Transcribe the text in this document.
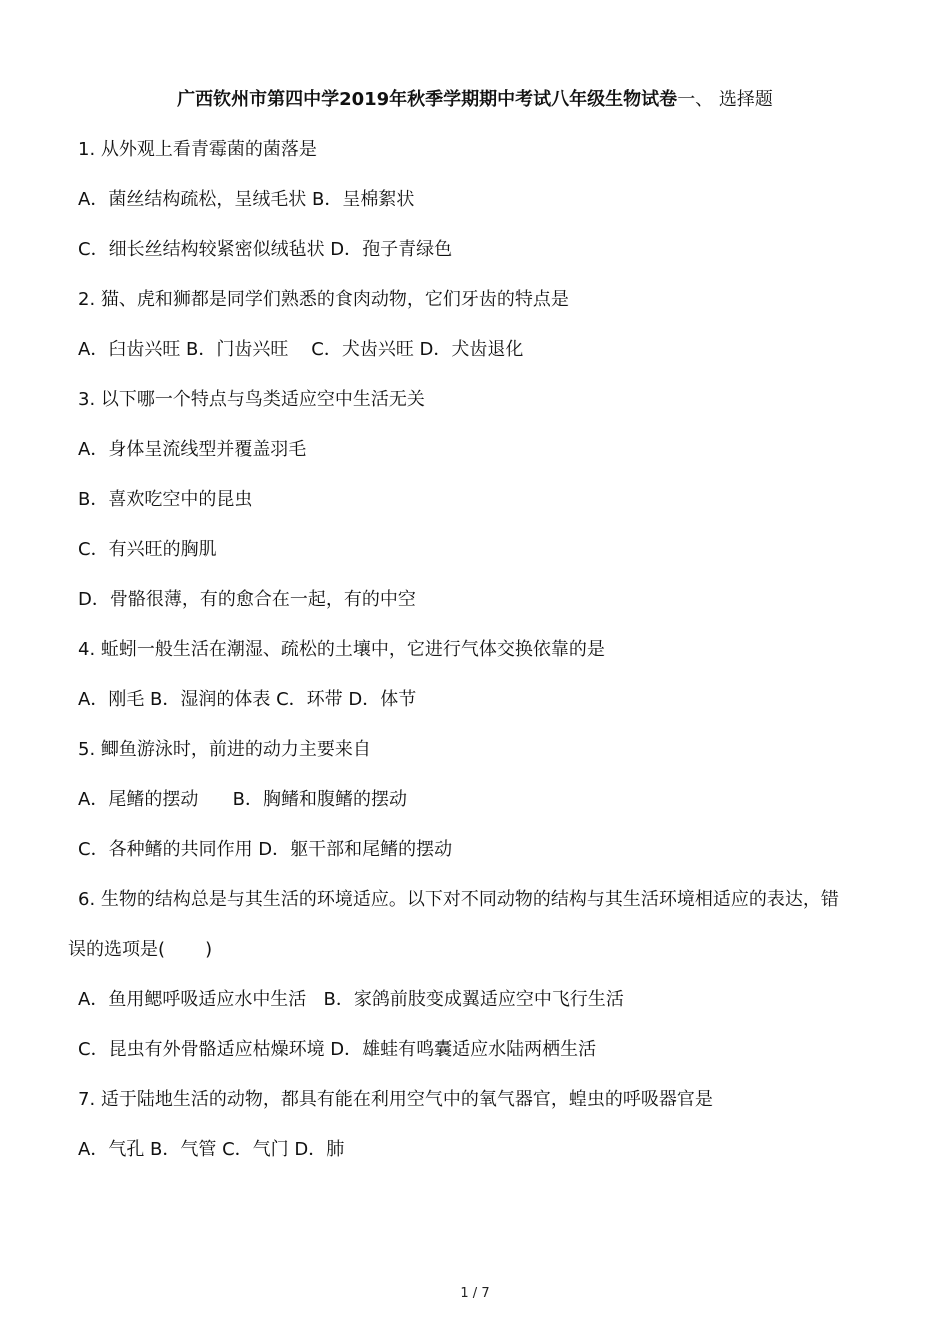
广西钦州市第四中学2019年秋季学期期中考试八年级生物试卷一、 选择题
1. 从外观上看青霉菌的菌落是
A．菌丝结构疏松，呈绒毛状 B．呈棉絮状
C．细长丝结构较紧密似绒毡状 D．孢子青绿色
2. 猫、虎和狮都是同学们熟悉的食肉动物，它们牙齿的特点是
A．臼齿兴旺 B．门齿兴旺    C．犬齿兴旺 D．犬齿退化
3. 以下哪一个特点与鸟类适应空中生活无关
A．身体呈流线型并覆盖羽毛
B．喜欢吃空中的昆虫
C．有兴旺的胸肌
D．骨骼很薄，有的愈合在一起，有的中空
4. 蚯蚓一般生活在潮湿、疏松的土壤中，它进行气体交换依靠的是
A．刚毛 B．湿润的体表 C．环带 D．体节
5. 鲫鱼游泳时，前进的动力主要来自
A．尾鳍的摆动      B．胸鳍和腹鳍的摆动
C．各种鳍的共同作用 D．躯干部和尾鳍的摆动
6. 生物的结构总是与其生活的环境适应。以下对不同动物的结构与其生活环境相适应的表达，错
误的选项是(       )
A．鱼用鳃呼吸适应水中生活   B．家鸽前肢变成翼适应空中飞行生活
C．昆虫有外骨骼适应枯燥环境 D．雄蛙有鸣囊适应水陆两栖生活
7. 适于陆地生活的动物，都具有能在利用空气中的氧气器官，蝗虫的呼吸器官是
A．气孔 B．气管 C．气门 D．肺
1 / 7
